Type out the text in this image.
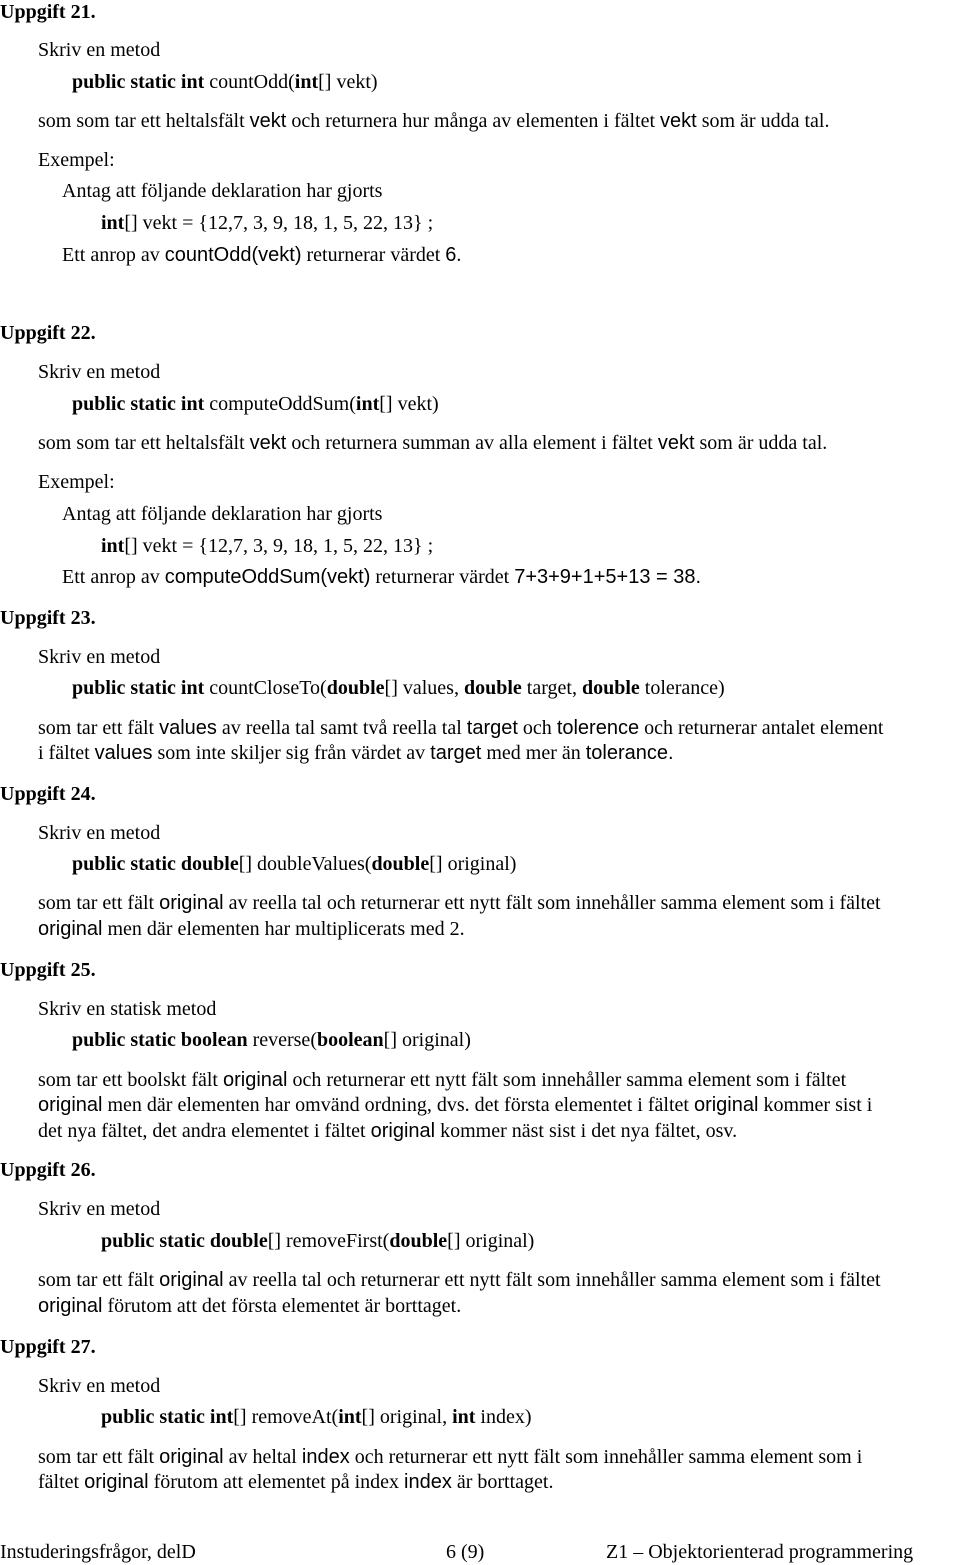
Uppgift 21.
Skriv en metod
public static int countOdd(int[] vekt)
som som tar ett heltalsfält vekt och returnera hur många av elementen i fältet vekt som är udda tal.
Exempel:
Antag att följande deklaration har gjorts
int[] vekt = {12,7, 3, 9, 18, 1, 5, 22, 13} ;
Ett anrop av countOdd(vekt) returnerar värdet 6.
Uppgift 22.
Skriv en metod
public static int computeOddSum(int[] vekt)
som som tar ett heltalsfält vekt och returnera summan av alla element i fältet vekt som är udda tal.
Exempel:
Antag att följande deklaration har gjorts
int[] vekt = {12,7, 3, 9, 18, 1, 5, 22, 13} ;
Ett anrop av computeOddSum(vekt) returnerar värdet 7+3+9+1+5+13 = 38.
Uppgift 23.
Skriv en metod
public static int countCloseTo(double[] values, double target, double tolerance)
som tar ett fält values av reella tal samt två reella tal target och tolerence och returnerar antalet element
i fältet values som inte skiljer sig från värdet av target med mer än tolerance.
Uppgift 24.
Skriv en metod
public static double[] doubleValues(double[] original)
som tar ett fält original av reella tal och returnerar ett nytt fält som innehåller samma element som i fältet
original men där elementen har multiplicerats med 2.
Uppgift 25.
Skriv en statisk metod
public static boolean reverse(boolean[] original)
som tar ett boolskt fält original och returnerar ett nytt fält som innehåller samma element som i fältet
original men där elementen har omvänd ordning, dvs. det första elementet i fältet original kommer sist i
det nya fältet, det andra elementet i fältet original kommer näst sist i det nya fältet, osv.
Uppgift 26.
Skriv en metod
public static double[] removeFirst(double[] original)
som tar ett fält original av reella tal och returnerar ett nytt fält som innehåller samma element som i fältet
original förutom att det första elementet är borttaget.
Uppgift 27.
Skriv en metod
public static int[] removeAt(int[] original, int index)
som tar ett fält original av heltal index och returnerar ett nytt fält som innehåller samma element som i
fältet original förutom att elementet på index index är borttaget.
Instuderingsfrågor, delD	6 (9)	Z1 – Objektorienterad programmering
